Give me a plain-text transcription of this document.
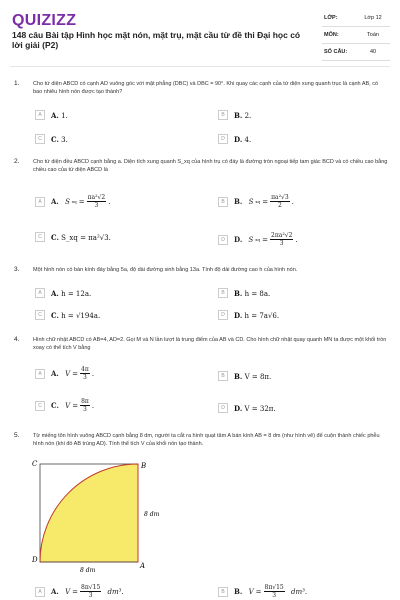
QUIZIZZ
148 câu Bài tập Hình học mặt nón, mặt trụ, mặt cầu từ đề thi Đại học có lời giải (P2)
LỚP:	Lớp 12
MÔN:	Toán
SỐ CÂU:	40
1. Cho tứ diện ABCD có cạnh AD vuông góc với mặt phẳng (DBC) và DBC = 90°. Khi quay các cạnh của tứ diện xung quanh trục là cạnh AB, có bao nhiêu hình nón được tạo thành?
A	A. 1.	B	B. 2.
C	C. 3.	D	D. 4.
2. Cho tứ diện đều ABCD cạnh bằng a. Diện tích xung quanh S_xq của hình trụ có đáy là đường tròn ngoại tiếp tam giác BCD và có chiều cao bằng chiều cao của tứ diện ABCD là
A	A.
S xq = $\frac{\text{πa²√2}}{3}$ .	B	B.
S xq = $\frac{\text{πa²√3}}{2}$ .
C	C. S_xq = πa²√3.	D	D.
S xq = $\frac{\text{2πa²√2}}{3}$ .
3. Một hình nón có bán kính đáy bằng 5a, độ dài đường sinh bằng 13a. Tính độ dài đường cao h của hình nón.
A	A. h = 12a.	B	B. h = 8a.
C	C. h = √194a.	D	D. h = 7a√6.
4. Hình chữ nhật ABCD có AB=4, AD=2. Gọi M và N lần lượt là trung điểm của AB và CD. Cho hình chữ nhật quay quanh MN ta được một khối tròn xoay có thể tích V bằng
A	A.
$V = \frac{4\pi}{3}$ .	B	B. V = 8π.
C	C.
$V = \frac{8\pi}{3}$ .	D	D. V = 32π.
5. Từ miếng tôn hình vuông ABCD cạnh bằng 8 dm, người ta cắt ra hình quạt tâm A bán kính AB = 8 dm (như hình vẽ) để cuộn thành chiếc phễu hình nón (khi đó AB trùng AD). Tính thể tích V của khối nón tạo thành.
C	B
D
A
8 dm
8 dm
A	A.
$V = \frac{8\pi√15}{3}$
dm³.	B	B.
$V = \frac{8\pi√15}{3}$
dm³.
